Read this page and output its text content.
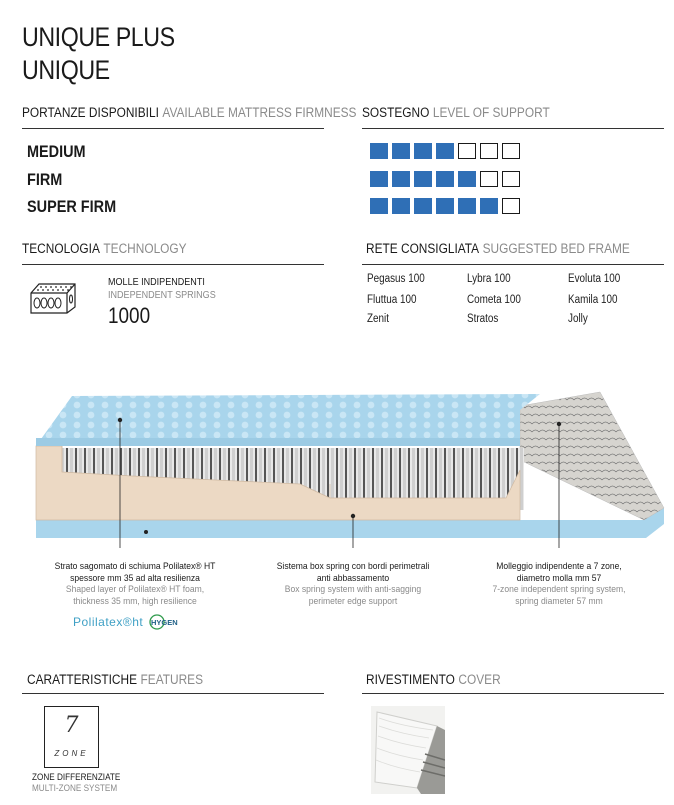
UNIQUE PLUS
UNIQUE
PORTANZE DISPONIBILI AVAILABLE MATTRESS FIRMNESS
MEDIUM
FIRM
SUPER FIRM
SOSTEGNO LEVEL OF SUPPORT
TECNOLOGIA TECHNOLOGY
MOLLE INDIPENDENTI
INDEPENDENT SPRINGS
1000
RETE CONSIGLIATA SUGGESTED BED FRAME
Pegasus 100
Fluttua 100
Zenit
Lybra 100
Cometa 100
Stratos
Evoluta 100
Kamila 100
Jolly
Strato sagomato di schiuma Polilatex® HT
spessore mm 35 ad alta resilienza
Shaped layer of Polilatex® HT foam,
thickness 35 mm, high resilience
Sistema box spring con bordi perimetrali
anti abbassamento
Box spring system with anti-sagging
perimeter edge support
Molleggio indipendente a 7 zone,
diametro molla mm 57
7-zone independent spring system,
spring diameter 57 mm
Polilatex®ht HYGEN
CARATTERISTICHE FEATURES
7
ZONE
ZONE DIFFERENZIATE
MULTI-ZONE SYSTEM
RIVESTIMENTO COVER
